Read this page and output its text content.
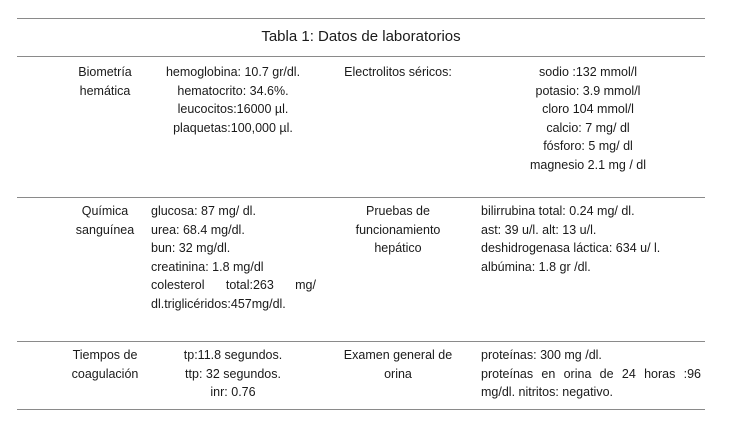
Tabla 1: Datos de laboratorios
Biometría
hemática
hemoglobina: 10.7 gr/dl.
hematocrito: 34.6%.
leucocitos:16000 µl.
plaquetas:100,000 µl.
Electrolitos séricos:	sodio :132 mmol/l
potasio: 3.9 mmol/l
cloro 104 mmol/l
calcio: 7 mg/ dl
fósforo: 5 mg/ dl
magnesio 2.1 mg / dl
Química
sanguínea
glucosa: 87 mg/ dl.
urea: 68.4 mg/dl.
bun: 32 mg/dl.
creatinina: 1.8 mg/dl
colesterol total:263 mg/
dl.triglicéridos:457mg/dl.
Pruebas de
funcionamiento
hepático
bilirrubina total: 0.24 mg/ dl.
ast: 39 u/l. alt: 13 u/l.
deshidrogenasa láctica: 634 u/ l.
albúmina: 1.8 gr /dl.
Tiempos de
coagulación
tp:11.8 segundos.
ttp: 32 segundos.
inr: 0.76
Examen general de
orina
proteínas: 300 mg /dl.
proteínas en orina de 24 horas :96
mg/dl. nitritos: negativo.
